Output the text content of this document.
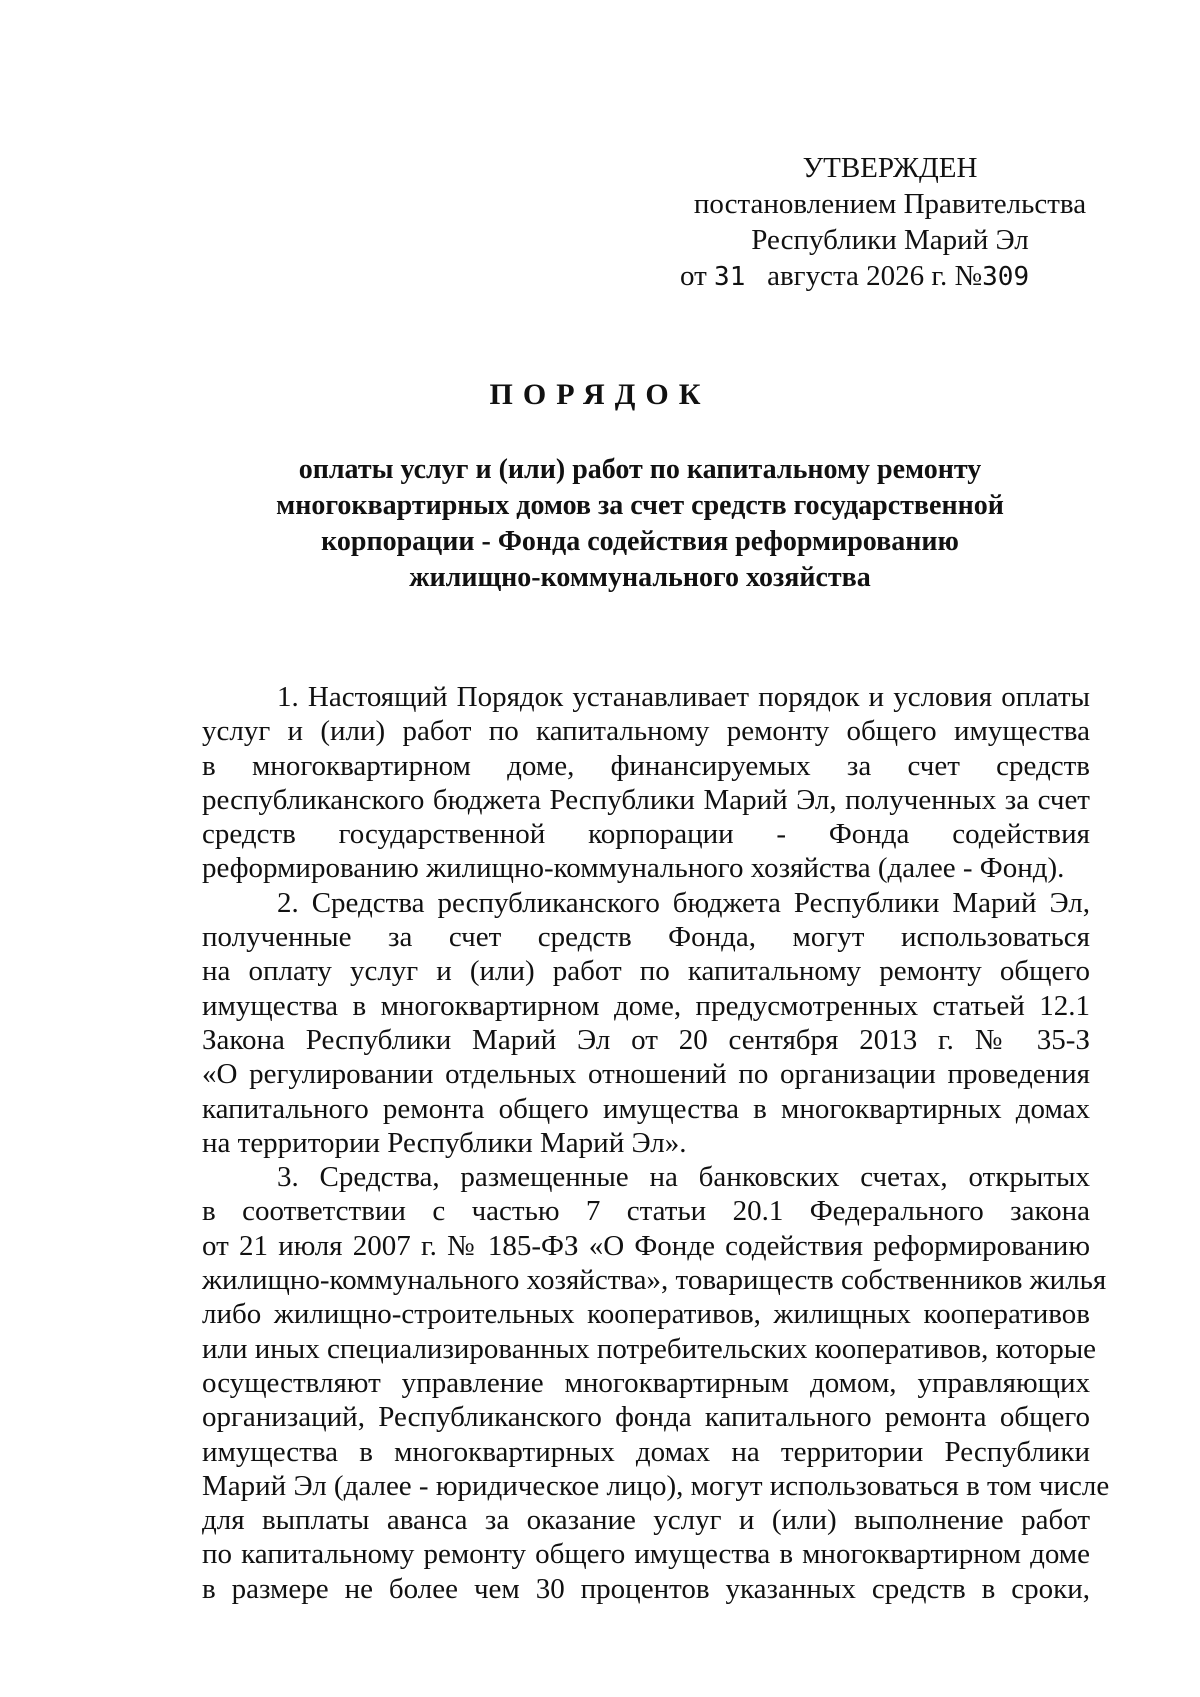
УТВЕРЖДЕН
постановлением Правительства
Республики Марий Эл
от 31 августа 2026 г. №309
ПОРЯДОК
оплаты услуг и (или) работ по капитальному ремонту
многоквартирных домов за счет средств государственной
корпорации - Фонда содействия реформированию
жилищно-коммунального хозяйства
1. Настоящий Порядок устанавливает порядок и условия оплаты
услуг и (или) работ по капитальному ремонту общего имущества
в многоквартирном доме, финансируемых за счет средств
республиканского бюджета Республики Марий Эл, полученных за счет
средств государственной корпорации - Фонда содействия
реформированию жилищно-коммунального хозяйства (далее - Фонд).
2. Средства республиканского бюджета Республики Марий Эл,
полученные за счет средств Фонда, могут использоваться
на оплату услуг и (или) работ по капитальному ремонту общего
имущества в многоквартирном доме, предусмотренных статьей 12.1
Закона Республики Марий Эл от 20 сентября 2013 г. № 35-З
«О регулировании отдельных отношений по организации проведения
капитального ремонта общего имущества в многоквартирных домах
на территории Республики Марий Эл».
3. Средства, размещенные на банковских счетах, открытых
в соответствии с частью 7 статьи 20.1 Федерального закона
от 21 июля 2007 г. № 185-ФЗ «О Фонде содействия реформированию
жилищно-коммунального хозяйства», товариществ собственников жилья
либо жилищно-строительных кооперативов, жилищных кооперативов
или иных специализированных потребительских кооперативов, которые
осуществляют управление многоквартирным домом, управляющих
организаций, Республиканского фонда капитального ремонта общего
имущества в многоквартирных домах на территории Республики
Марий Эл (далее - юридическое лицо), могут использоваться в том числе
для выплаты аванса за оказание услуг и (или) выполнение работ
по капитальному ремонту общего имущества в многоквартирном доме
в размере не более чем 30 процентов указанных средств в сроки,
